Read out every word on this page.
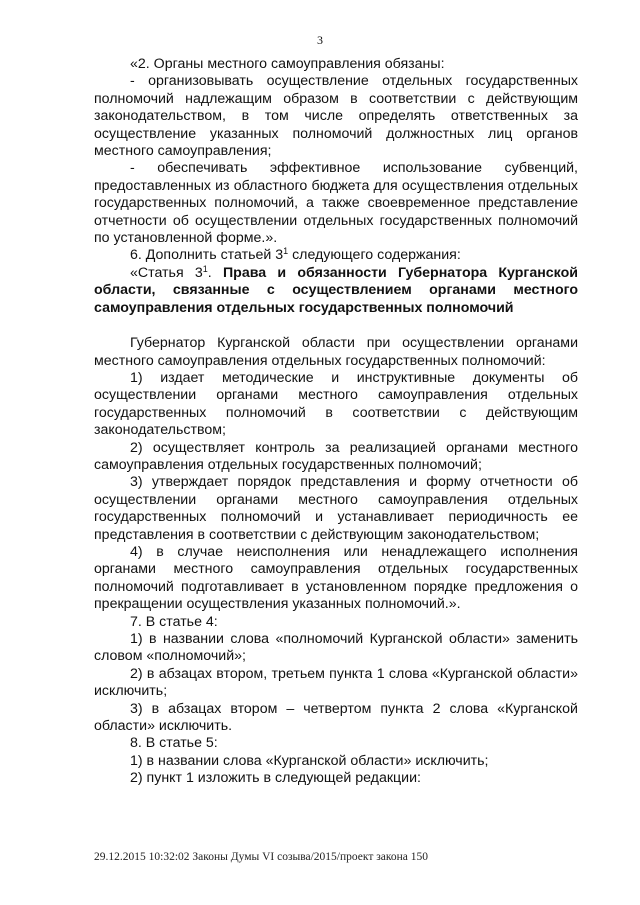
3

«2. Органы местного самоуправления обязаны:

- организовывать осуществление отдельных государственных полномочий надлежащим образом в соответствии с действующим законодательством, в том числе определять ответственных за осуществление указанных полномочий должностных лиц органов местного самоуправления;

- обеспечивать эффективное использование субвенций, предоставленных из областного бюджета для осуществления отдельных государственных полномочий, а также своевременное представление отчетности об осуществлении отдельных государственных полномочий по установленной форме.».

6. Дополнить статьей $3^1$ следующего содержания:

«Статья $3^1$. Права и обязанности Губернатора Курганской области, связанные с осуществлением органами местного самоуправления отдельных государственных полномочий

Губернатор Курганской области при осуществлении органами местного самоуправления отдельных государственных полномочий:

1) издает методические и инструктивные документы об осуществлении органами местного самоуправления отдельных государственных полномочий в соответствии с действующим законодательством;

2) осуществляет контроль за реализацией органами местного самоуправления отдельных государственных полномочий;

3) утверждает порядок представления и форму отчетности об осуществлении органами местного самоуправления отдельных государственных полномочий и устанавливает периодичность ее представления в соответствии с действующим законодательством;

4) в случае неисполнения или ненадлежащего исполнения органами местного самоуправления отдельных государственных полномочий подготавливает в установленном порядке предложения о прекращении осуществления указанных полномочий.».

7. В статье 4:

1) в названии слова «полномочий Курганской области» заменить словом «полномочий»;

2) в абзацах втором, третьем пункта 1 слова «Курганской области» исключить;

3) в абзацах втором – четвертом пункта 2 слова «Курганской области» исключить.

8. В статье 5:

1) в названии слова «Курганской области» исключить;

2) пункт 1 изложить в следующей редакции:

29.12.2015 10:32:02 Законы Думы VI созыва/2015/проект закона 150
